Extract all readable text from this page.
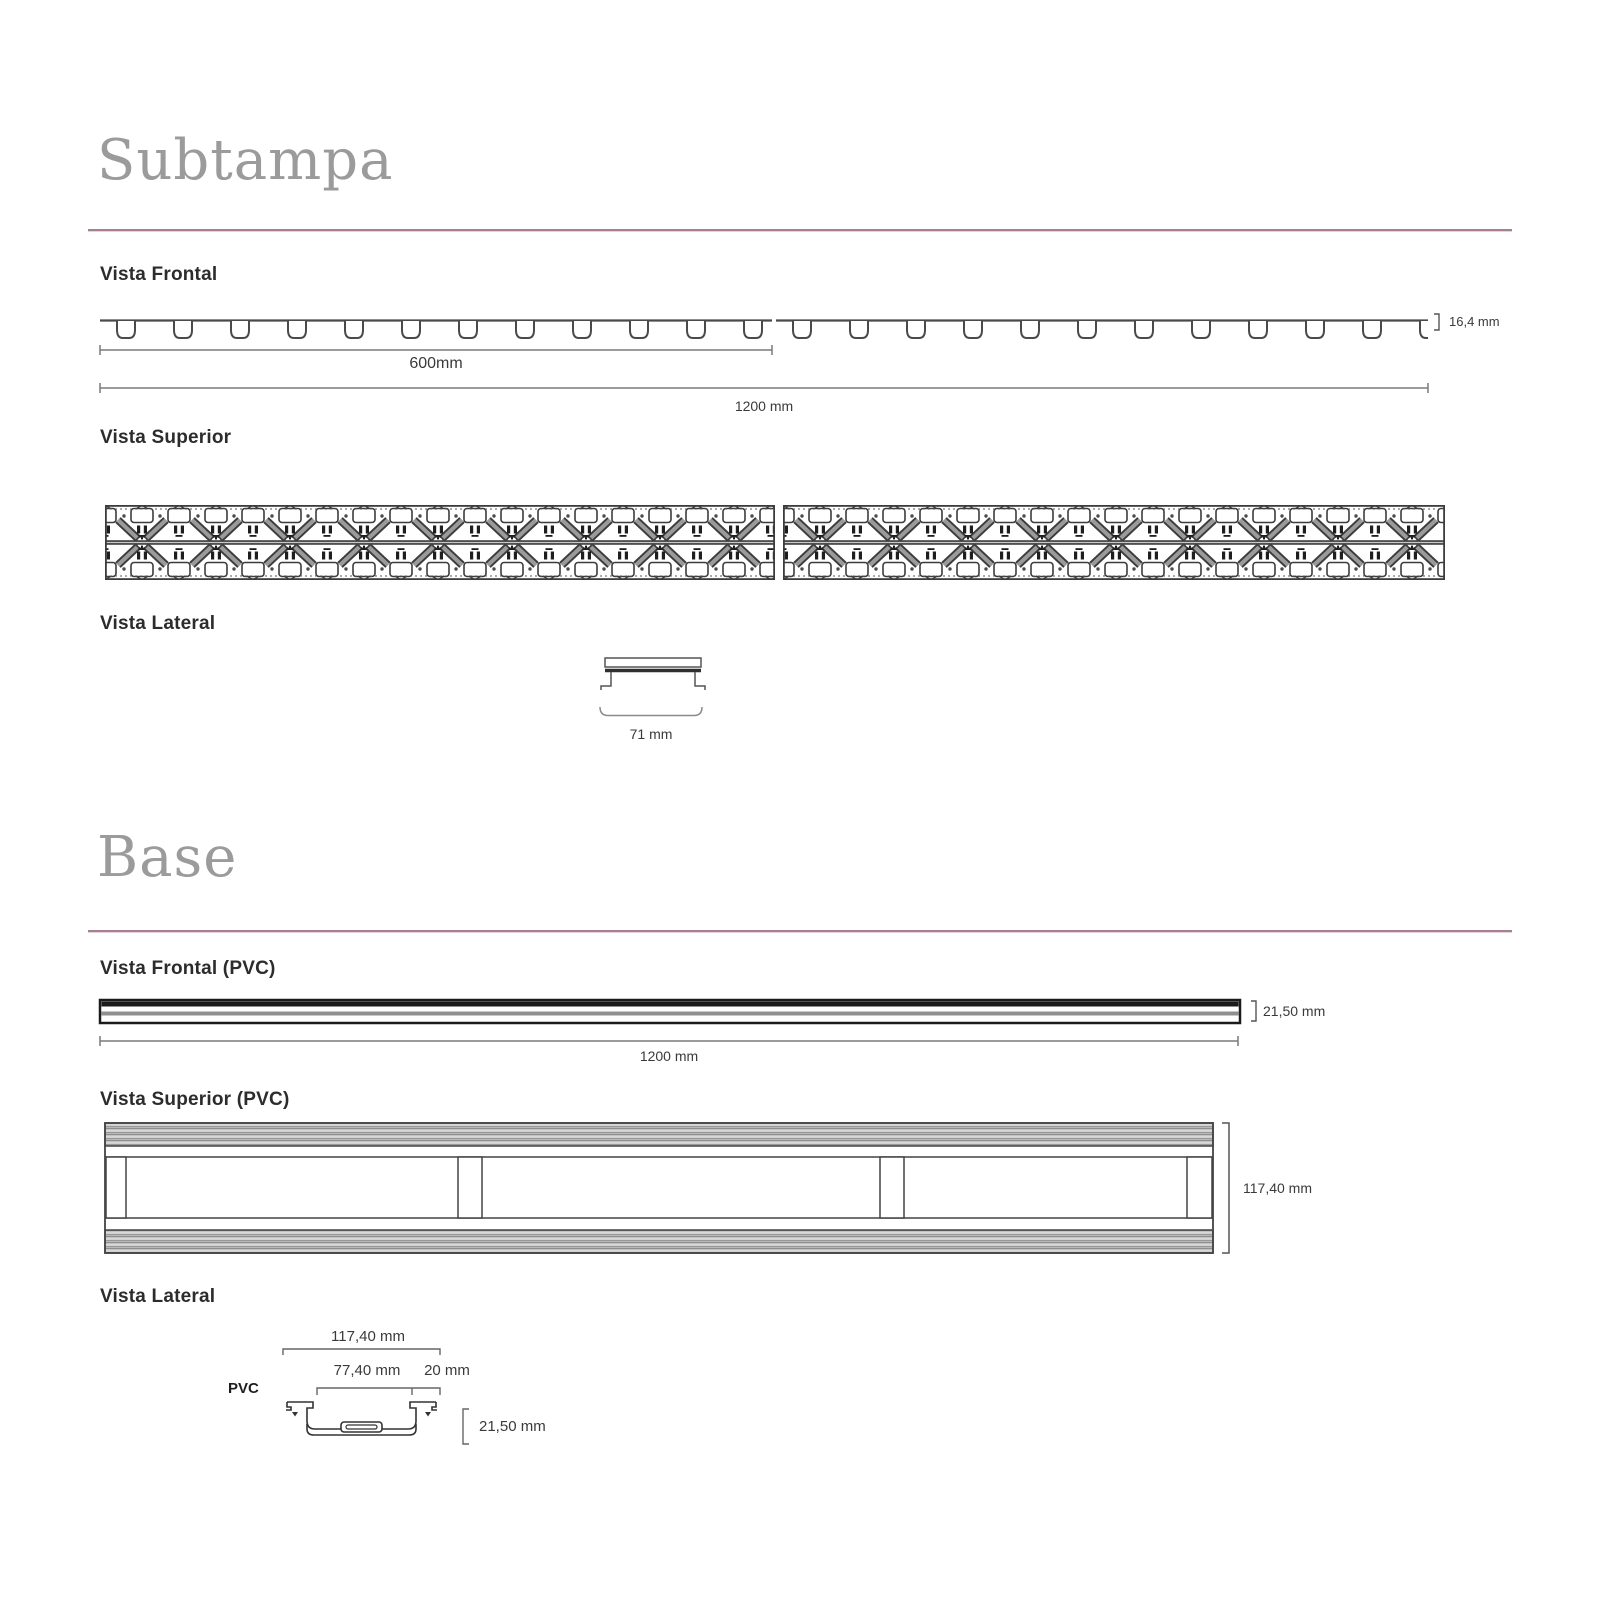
Subtampa
Vista Frontal
16,4 mm
600mm
1200 mm
Vista Superior
Vista Lateral
71 mm
Base
Vista Frontal (PVC)
21,50 mm
1200 mm
Vista Superior (PVC)
117,40 mm
Vista Lateral
117,40 mm
77,40 mm 20 mm
PVC
21,50 mm
